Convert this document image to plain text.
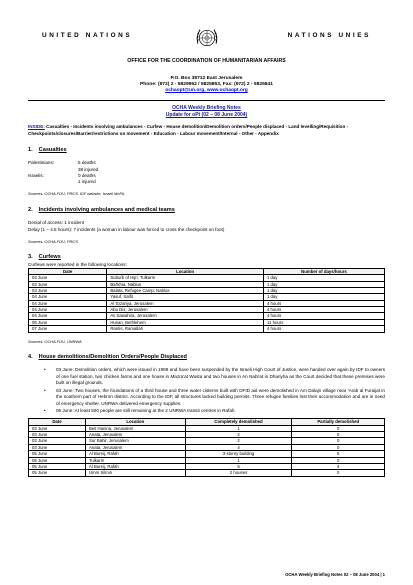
UNITED NATIONS	NATIONS UNIES
OFFICE FOR THE COORDINATION OF HUMANITARIAN AFFAIRS
P.O. Box 38712 East Jerusalem
Phone: (972) 2 - 5829962 / 5825853, Fax: (972) 2 - 5825841
ochaopt@un.org, www.ochaopt.org
OCHA Weekly Briefing Notes
Update for oPt (02 – 08 June 2004)
INSIDE: Casualties - Incidents involving ambulances - Curfew - House demolition/Demolition orders/People displaced - Land levelling/Requisition - Checkpoints/closures/Barrier/restrictions on movement - Education - Labour movement/Internal - Other - Appendix
1. Casualties
Palestinians:	5 deaths
38 injured
Israelis:	0 deaths
1 injured
Sources: OCHA FOU, PRCS, IDF website, Israeli MoFA.
2. Incidents involving ambulances and medical teams
Denial of access: 1 incident
Delay (1 – 4.5 hours): 7 incidents (a woman in labour was forced to cross the checkpoint on foot)
Sources: OCHA FOU, PRCS
3. Curfews
Curfews were reported in the following locations:
Date	Location	Number of days/hours
03 June	Suburb of Hijri, Tulkarm	1 day
03 June	Bal'khia, Nablus	1 day
03 June	Balata, Refugee Camp, Nablus	1 day
04 June	Yasuf, Salfit	1 day
04 June	Al 'Eizariya, Jerusalem	4 hours
04 June	Abu Dis, Jerusalem	4 hours
04 June	As Sawahira, Jerusalem	4 hours
05 June	Husan, Bethlehem	11 hours
07 June	Rantis, Ramallah	4 hours
Sources: OCHA FOU, UNRWA
4. House demolitions/Demolition Orders/People Displaced
• 03 June: Demolition orders, which were issued in 1999 and have been suspended by the Israeli High Court of Justice, were handed over again by IDF to owners of one fuel station, two chicken farms and one house in Mazra'at Wusta and two houses in An Nabi'at in Dhariyha as the Court decided that these premises were built on illegal grounds.
• 03 June: Two houses, the foundations of a third house and three water cisterns built with DFID aid were demolished in Am Dalajn village near 'Arab al Furaijat in the southern part of Hebron district. According to the IDF, all structures lacked building permits. Three refugee families lost their accommodation and are in need of emergency shelter. UNRWA delivered emergency supplies.
• 05 June: At least 500 people are still remaining at the 2 UNRWA transit centres in Rafah.
Date	Location	Completely demolished	Partially demolished
03 June	Beit Hanina, Jerusalem	1	0
03 June	Anata, Jerusalem	2	0
03 June	Sur Bahir, Jerusalem	2	0
03 June	Anata, Jerusalem	4	0
05 June	Al Bureij, Rafah	3-storey building	5
05 June	Tulkarm	1	0
05 June	Al Bureij, Rafah	5	4
05 June	Umm Silmin	2 houses	0
OCHA Weekly Briefing Notes 02 – 08 June 2004 | 1
